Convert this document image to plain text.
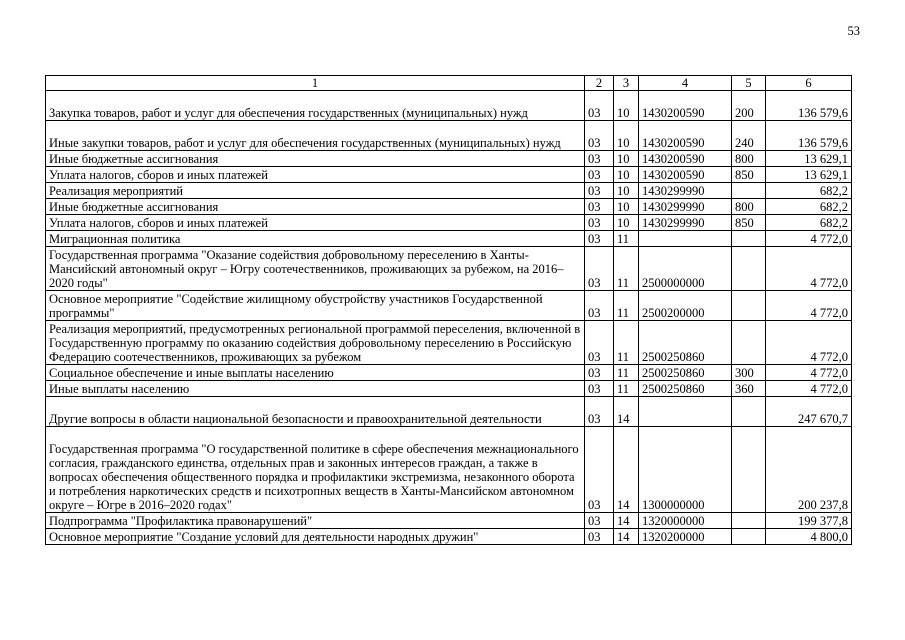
53
1	2	3	4	5	6
Закупка товаров, работ и услуг для обеспечения государственных (муниципальных) нужд	03	10	1430200590	200	136 579,6
Иные закупки товаров, работ и услуг для обеспечения государственных (муниципальных) нужд	03	10	1430200590	240	136 579,6
Иные бюджетные ассигнования	03	10	1430200590	800	13 629,1
Уплата налогов, сборов и иных платежей	03	10	1430200590	850	13 629,1
Реализация мероприятий	03	10	1430299990		682,2
Иные бюджетные ассигнования	03	10	1430299990	800	682,2
Уплата налогов, сборов и иных платежей	03	10	1430299990	850	682,2
Миграционная политика	03	11			4 772,0
Государственная программа "Оказание содействия добровольному переселению в Ханты-Мансийский автономный округ – Югру соотечественников, проживающих за рубежом, на 2016–2020 годы"	03	11	2500000000		4 772,0
Основное мероприятие "Содействие жилищному обустройству участников Государственной программы"	03	11	2500200000		4 772,0
Реализация мероприятий, предусмотренных региональной программой переселения, включенной в Государственную программу по оказанию содействия добровольному переселению в Российскую Федерацию соотечественников, проживающих за рубежом	03	11	2500250860		4 772,0
Социальное обеспечение и иные выплаты населению	03	11	2500250860	300	4 772,0
Иные выплаты населению	03	11	2500250860	360	4 772,0
Другие вопросы в области национальной безопасности и правоохранительной деятельности	03	14			247 670,7
Государственная программа "О государственной политике в сфере обеспечения межнационального согласия, гражданского единства, отдельных прав и законных интересов граждан, а также в вопросах обеспечения общественного порядка и профилактики экстремизма, незаконного оборота и потребления наркотических средств и психотропных веществ в Ханты-Мансийском автономном округе – Югре в 2016–2020 годах"	03	14	1300000000		200 237,8
Подпрограмма "Профилактика правонарушений"	03	14	1320000000		199 377,8
Основное мероприятие "Создание условий для деятельности народных дружин"	03	14	1320200000		4 800,0
